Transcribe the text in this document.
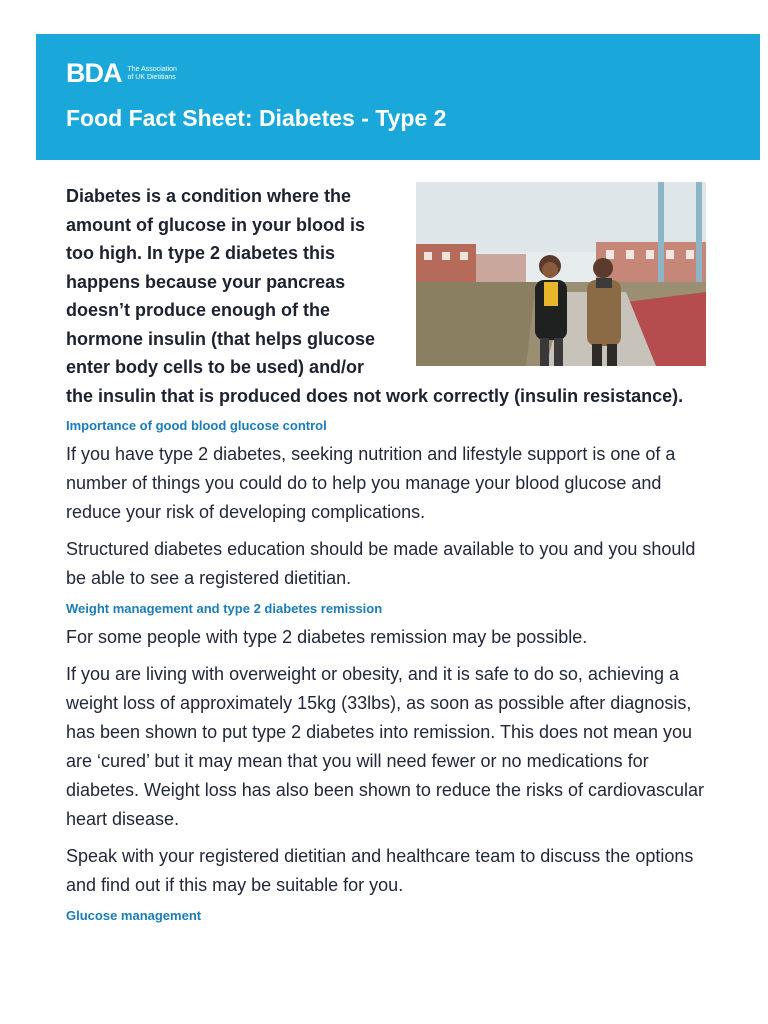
BDA The Association of UK Dietitians
Food Fact Sheet: Diabetes - Type 2

Diabetes is a condition where the amount of glucose in your blood is too high. In type 2 diabetes this happens because your pancreas doesn’t produce enough of the hormone insulin (that helps glucose enter body cells to be used) and/or the insulin that is produced does not work correctly (insulin resistance).

Importance of good blood glucose control

If you have type 2 diabetes, seeking nutrition and lifestyle support is one of a number of things you could do to help you manage your blood glucose and reduce your risk of developing complications.

Structured diabetes education should be made available to you and you should be able to see a registered dietitian.

Weight management and type 2 diabetes remission

For some people with type 2 diabetes remission may be possible.

If you are living with overweight or obesity, and it is safe to do so, achieving a weight loss of approximately 15kg (33lbs), as soon as possible after diagnosis, has been shown to put type 2 diabetes into remission. This does not mean you are ‘cured’ but it may mean that you will need fewer or no medications for diabetes. Weight loss has also been shown to reduce the risks of cardiovascular heart disease.

Speak with your registered dietitian and healthcare team to discuss the options and find out if this may be suitable for you.

Glucose management
